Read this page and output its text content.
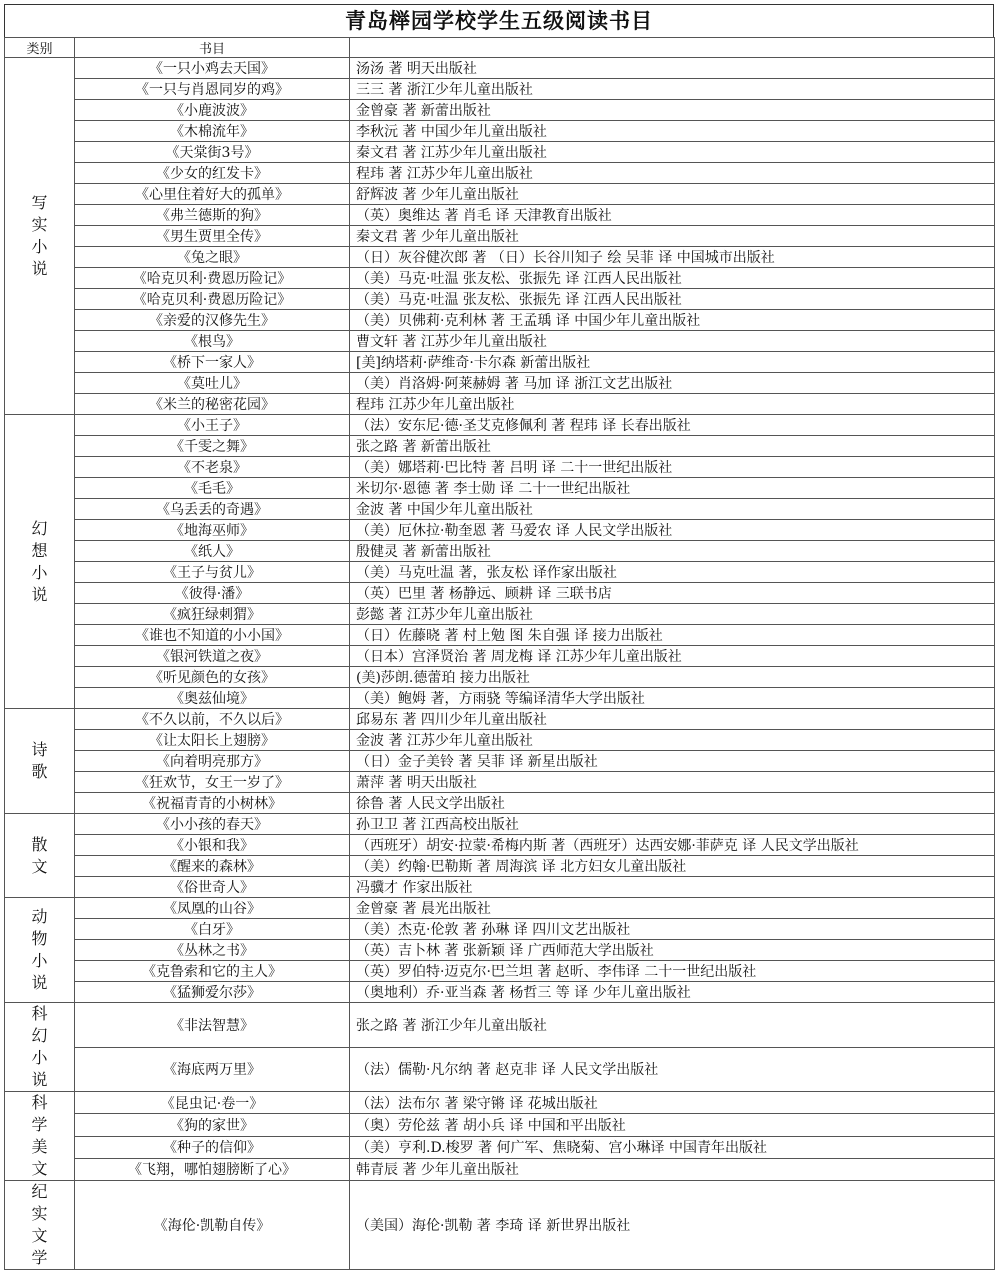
青岛榉园学校学生五级阅读书目
类别	书目	
写实小说	《一只小鸡去天国》	汤汤 著 明天出版社
	《一只与肖恩同岁的鸡》	三三 著 浙江少年儿童出版社
	《小鹿波波》	金曾豪 著 新蕾出版社
	《木棉流年》	李秋沅 著 中国少年儿童出版社
	《天棠街3号》	秦文君 著 江苏少年儿童出版社
	《少女的红发卡》	程玮 著 江苏少年儿童出版社
	《心里住着好大的孤单》	舒辉波 著 少年儿童出版社
	《弗兰德斯的狗》	（英）奥维达 著 肖毛 译 天津教育出版社
	《男生贾里全传》	秦文君 著 少年儿童出版社
	《兔之眼》	（日）灰谷健次郎 著 （日）长谷川知子 绘 吴菲 译 中国城市出版社
	《哈克贝利·费恩历险记》	（美）马克·吐温 张友松、张振先 译 江西人民出版社
	《哈克贝利·费恩历险记》	（美）马克·吐温 张友松、张振先 译 江西人民出版社
	《亲爱的汉修先生》	（美）贝佛莉·克利林 著 王孟瑀 译 中国少年儿童出版社
	《根鸟》	曹文轩 著 江苏少年儿童出版社
	《桥下一家人》	[美]纳塔莉·萨维奇·卡尔森 新蕾出版社
	《莫吐儿》	（美）肖洛姆·阿莱赫姆 著 马加 译 浙江文艺出版社
	《米兰的秘密花园》	程玮 江苏少年儿童出版社
幻想小说	《小王子》	（法）安东尼·德·圣艾克修佩利 著 程玮 译 长春出版社
	《千雯之舞》	张之路 著 新蕾出版社
	《不老泉》	（美）娜塔莉·巴比特 著 吕明 译 二十一世纪出版社
	《毛毛》	米切尔·恩德 著 李士勋 译 二十一世纪出版社
	《乌丢丢的奇遇》	金波 著 中国少年儿童出版社
	《地海巫师》	（美）厄休拉·勒奎恩 著 马爱农 译 人民文学出版社
	《纸人》	殷健灵 著 新蕾出版社
	《王子与贫儿》	（美）马克吐温 著，张友松 译作家出版社
	《彼得·潘》	（英）巴里 著 杨静远、顾耕 译 三联书店
	《疯狂绿刺猬》	彭懿 著 江苏少年儿童出版社
	《谁也不知道的小小国》	（日）佐藤晓 著 村上勉 图 朱自强 译 接力出版社
	《银河铁道之夜》	（日本）宫泽贤治 著 周龙梅 译 江苏少年儿童出版社
	《听见颜色的女孩》	(美)莎朗.德蕾珀 接力出版社
	《奥兹仙境》	（美）鲍姆 著，方雨骁 等编译清华大学出版社
诗歌	《不久以前，不久以后》	邱易东 著 四川少年儿童出版社
	《让太阳长上翅膀》	金波 著 江苏少年儿童出版社
	《向着明亮那方》	（日）金子美铃 著 吴菲 译 新星出版社
	《狂欢节，女王一岁了》	萧萍 著 明天出版社
	《祝福青青的小树林》	徐鲁 著 人民文学出版社
散文	《小小孩的春天》	孙卫卫 著 江西高校出版社
	《小银和我》	（西班牙）胡安·拉蒙·希梅内斯 著（西班牙）达西安娜·菲萨克 译 人民文学出版社
	《醒来的森林》	（美）约翰·巴勒斯 著 周海滨 译 北方妇女儿童出版社
	《俗世奇人》	冯骥才 作家出版社
动物小说	《凤凰的山谷》	金曾豪 著 晨光出版社
	《白牙》	（美）杰克·伦敦 著 孙琳 译 四川文艺出版社
	《丛林之书》	（英）吉卜林 著 张新颖 译 广西师范大学出版社
	《克鲁索和它的主人》	（英）罗伯特·迈克尔·巴兰坦 著 赵昕、李伟译 二十一世纪出版社
	《猛狮爱尔莎》	（奥地利）乔·亚当森 著 杨哲三 等 译 少年儿童出版社
科幻小说	《非法智慧》	张之路 著 浙江少年儿童出版社
	《海底两万里》	（法）儒勒·凡尔纳 著 赵克非 译 人民文学出版社
科学美文	《昆虫记·卷一》	（法）法布尔 著 梁守锵 译 花城出版社
	《狗的家世》	（奥）劳伦兹 著 胡小兵 译 中国和平出版社
	《种子的信仰》	（美）亨利.D.梭罗 著 何广军、焦晓菊、宫小琳译 中国青年出版社
	《飞翔，哪怕翅膀断了心》	韩青辰 著 少年儿童出版社
纪实文学	《海伦·凯勒自传》	（美国）海伦·凯勒 著 李琦 译 新世界出版社
